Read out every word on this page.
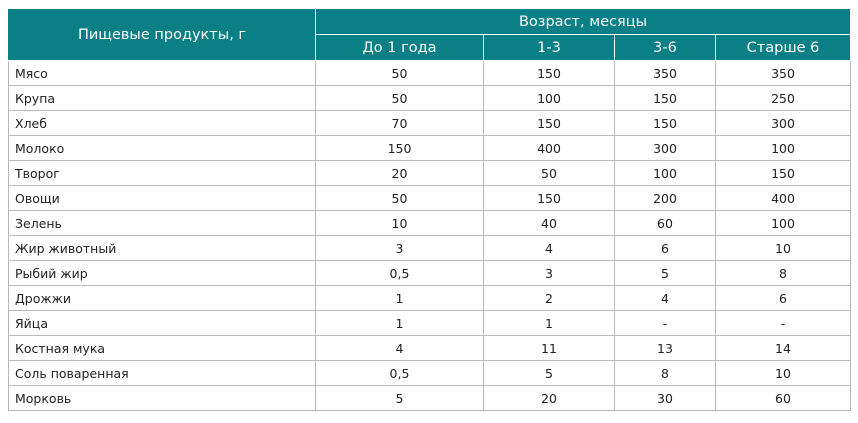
Пищевые продукты, г	Возраст, месяцы			
	До 1 года	1-3	3-6	Старше 6
Мясо	50	150	350	350
Крупа	50	100	150	250
Хлеб	70	150	150	300
Молоко	150	400	300	100
Творог	20	50	100	150
Овощи	50	150	200	400
Зелень	10	40	60	100
Жир животный	3	4	6	10
Рыбий жир	0,5	3	5	8
Дрожжи	1	2	4	6
Яйца	1	1	-	-
Костная мука	4	11	13	14
Соль поваренная	0,5	5	8	10
Морковь	5	20	30	60
